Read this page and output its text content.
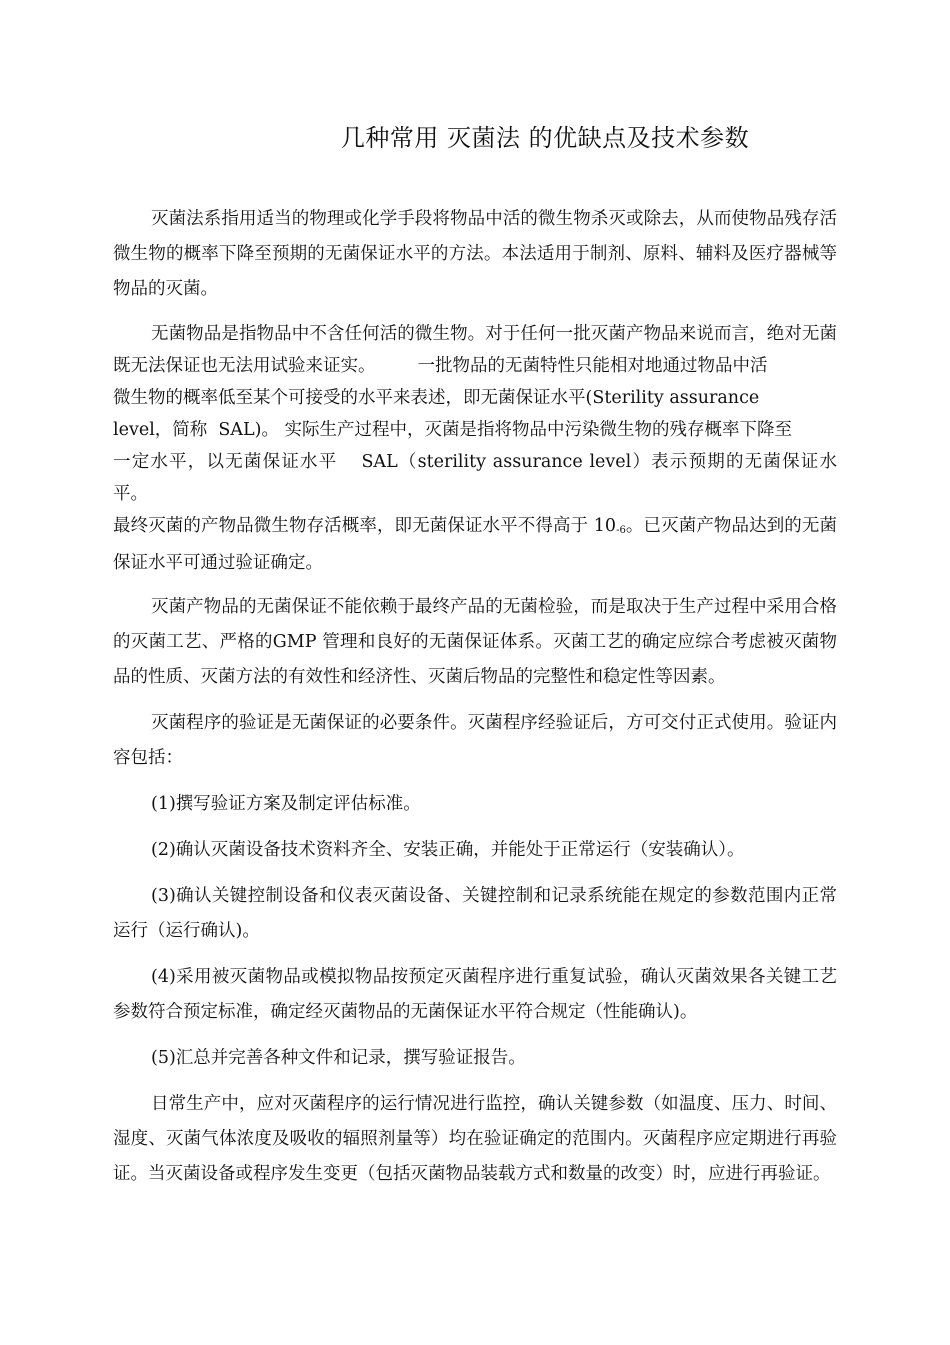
几种常用 灭菌法 的优缺点及技术参数

灭菌法系指用适当的物理或化学手段将物品中活的微生物杀灭或除去，从而使物品残存活微生物的概率下降至预期的无菌保证水平的方法。本法适用于制剂、原料、辅料及医疗器械等物品的灭菌。

无菌物品是指物品中不含任何活的微生物。对于任何一批灭菌产物品来说而言，绝对无菌既无法保证也无法用试验来证实。 一批物品的无菌特性只能相对地通过物品中活
微生物的概率低至某个可接受的水平来表述，即无菌保证水平(Sterility assurance
level，简称  SAL)。 实际生产过程中，灭菌是指将物品中污染微生物的残存概率下降至
一定水平，以无菌保证水平 SAL（sterility assurance level）表示预期的无菌保证水平。
最终灭菌的产物品微生物存活概率，即无菌保证水平不得高于 $10^{-6}$。已灭菌产物品达到的无菌保证水平可通过验证确定。

灭菌产物品的无菌保证不能依赖于最终产品的无菌检验，而是取决于生产过程中采用合格的灭菌工艺、严格的GMP 管理和良好的无菌保证体系。灭菌工艺的确定应综合考虑被灭菌物品的性质、灭菌方法的有效性和经济性、灭菌后物品的完整性和稳定性等因素。

灭菌程序的验证是无菌保证的必要条件。灭菌程序经验证后，方可交付正式使用。验证内容包括：

(1)撰写验证方案及制定评估标准。

(2)确认灭菌设备技术资料齐全、安装正确，并能处于正常运行（安装确认）。

(3)确认关键控制设备和仪表灭菌设备、关键控制和记录系统能在规定的参数范围内正常运行（运行确认)。

(4)采用被灭菌物品或模拟物品按预定灭菌程序进行重复试验，确认灭菌效果各关键工艺参数符合预定标准，确定经灭菌物品的无菌保证水平符合规定（性能确认)。

(5)汇总并完善各种文件和记录，撰写验证报告。

日常生产中，应对灭菌程序的运行情况进行监控，确认关键参数（如温度、压力、时间、湿度、灭菌气体浓度及吸收的辐照剂量等）均在验证确定的范围内。灭菌程序应定期进行再验证。当灭菌设备或程序发生变更（包括灭菌物品装载方式和数量的改变）时，应进行再验证。
